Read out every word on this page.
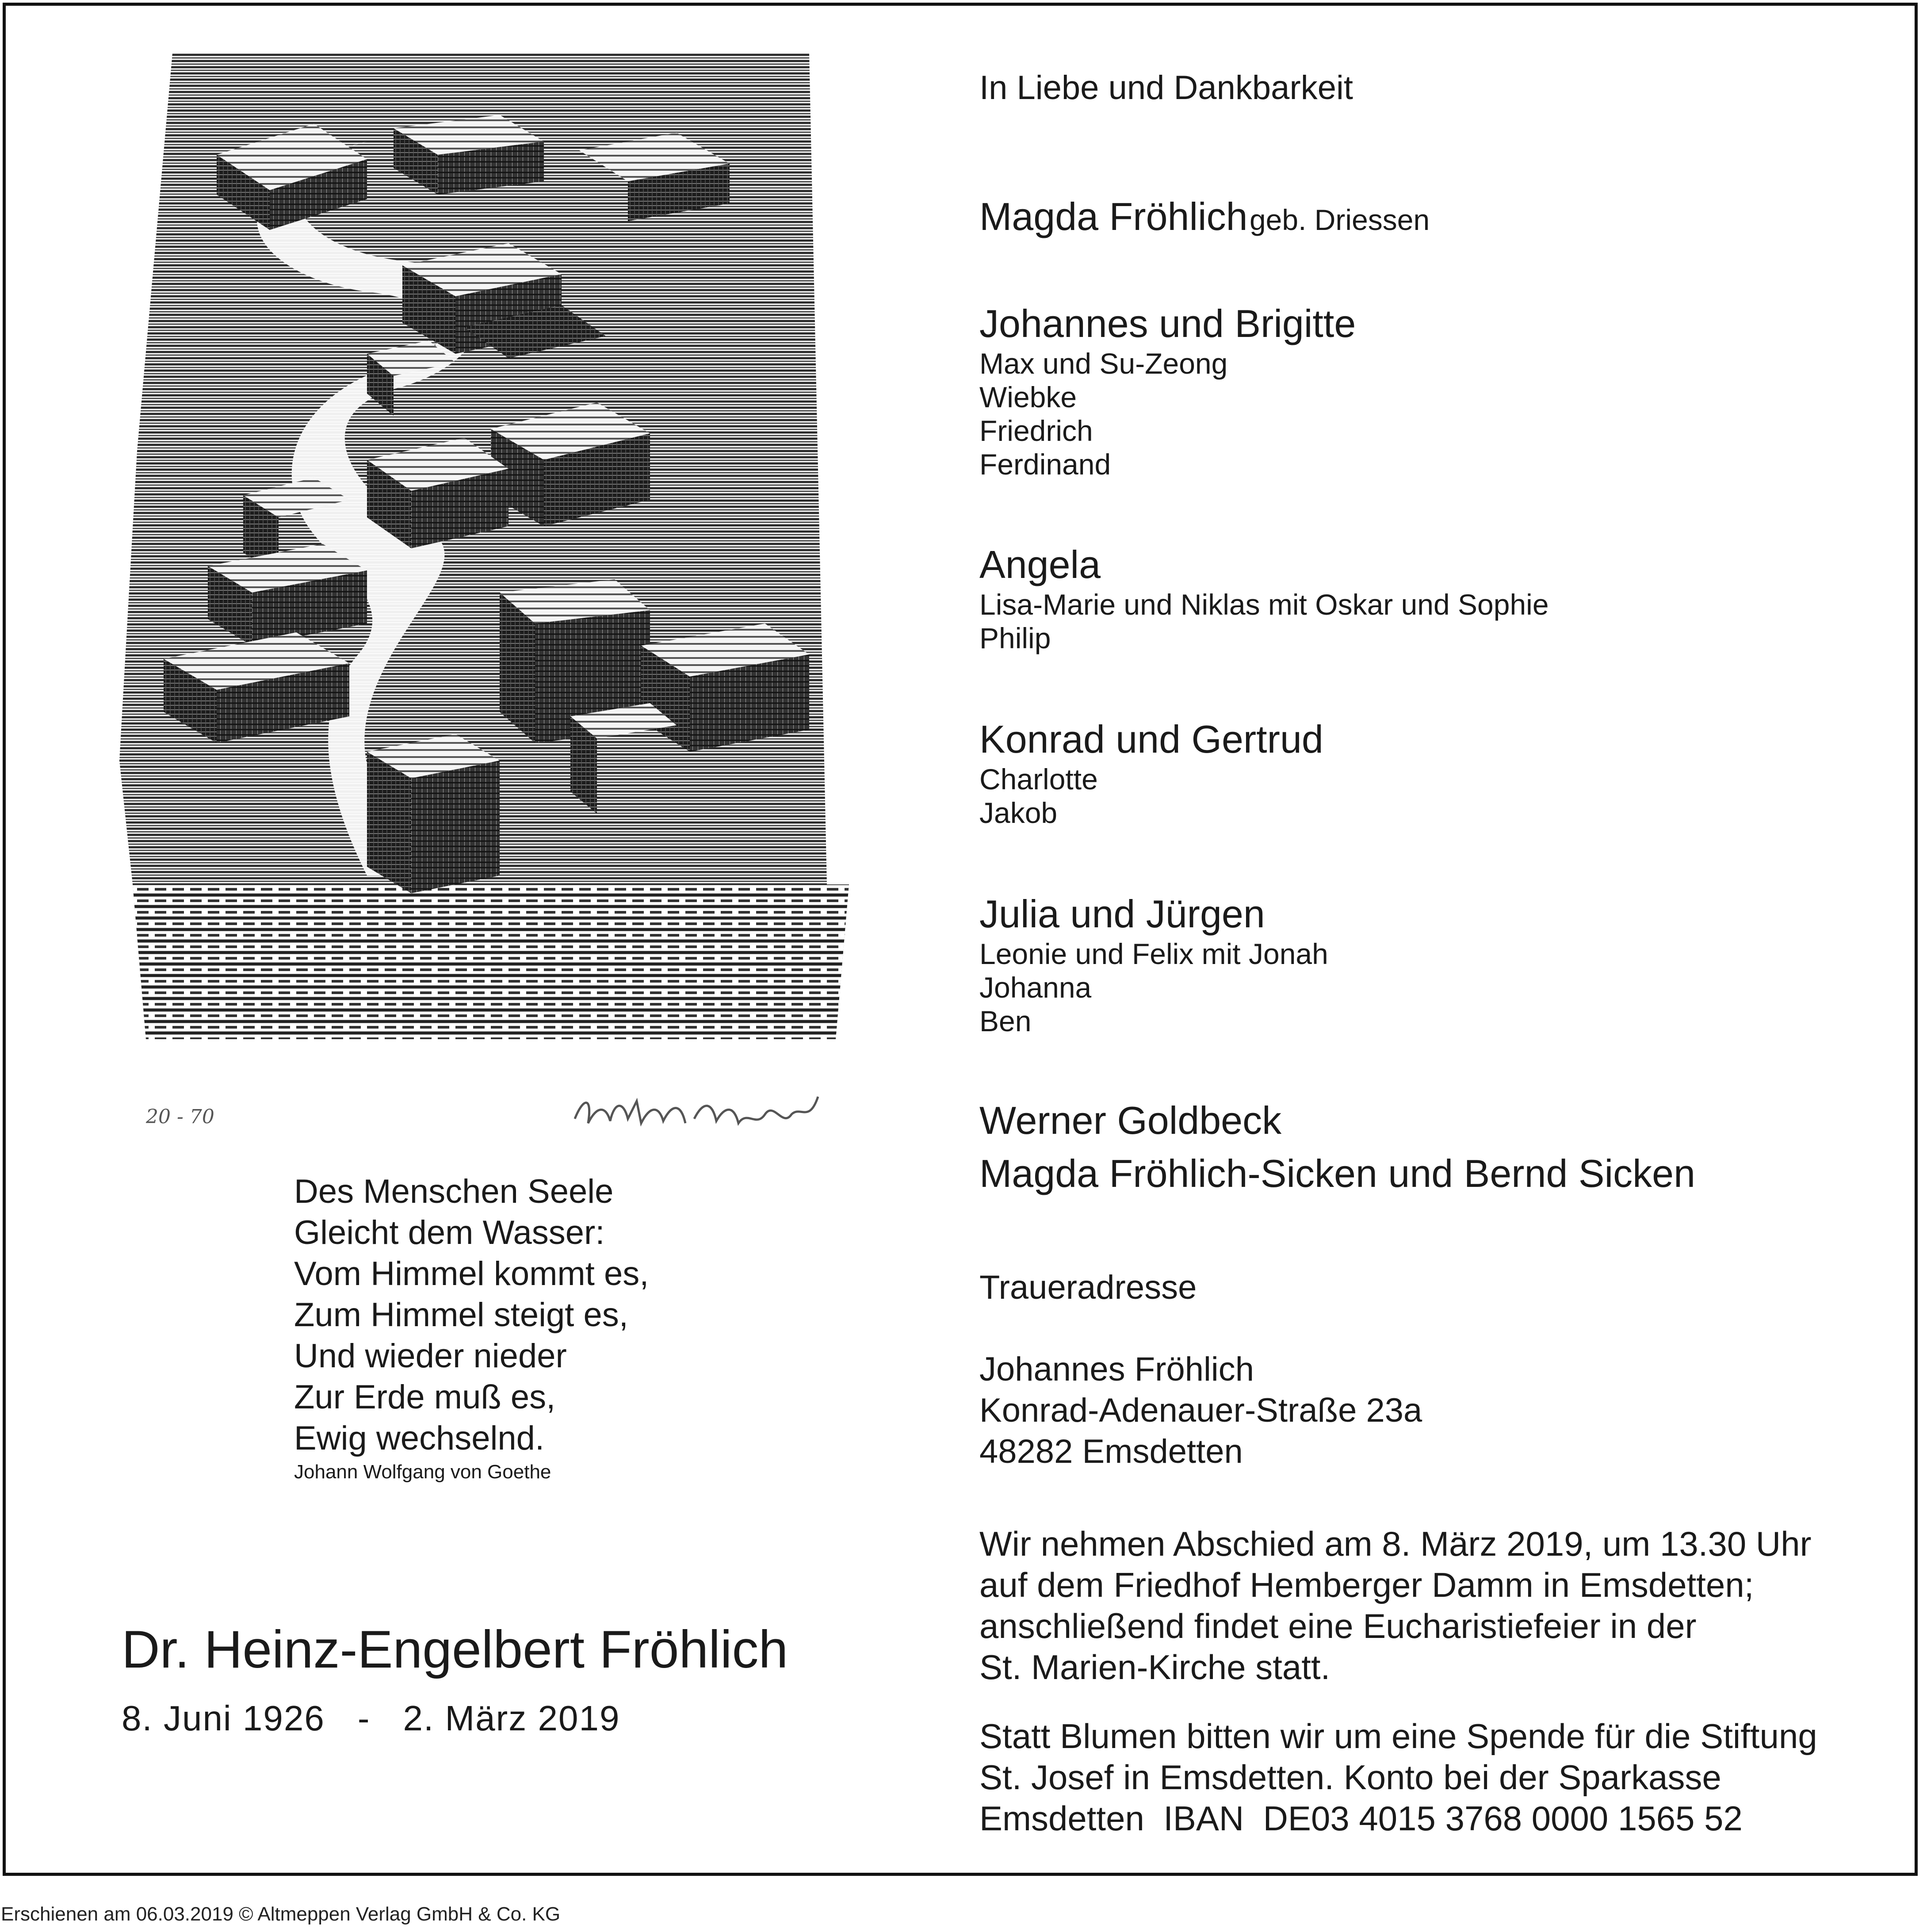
20 - 70
Des Menschen Seele
Gleicht dem Wasser:
Vom Himmel kommt es,
Zum Himmel steigt es,
Und wieder nieder
Zur Erde muß es,
Ewig wechselnd.
Johann Wolfgang von Goethe
Dr. Heinz-Engelbert Fröhlich
8. Juni 1926 - 2. März 2019
In Liebe und Dankbarkeit
Magda Fröhlich geb. Driessen
Johannes und Brigitte
Max und Su-Zeong
Wiebke
Friedrich
Ferdinand
Angela
Lisa-Marie und Niklas mit Oskar und Sophie
Philip
Konrad und Gertrud
Charlotte
Jakob
Julia und Jürgen
Leonie und Felix mit Jonah
Johanna
Ben
Werner Goldbeck
Magda Fröhlich-Sicken und Bernd Sicken
Traueradresse
Johannes Fröhlich
Konrad-Adenauer-Straße 23a
48282 Emsdetten
Wir nehmen Abschied am 8. März 2019, um 13.30 Uhr
auf dem Friedhof Hemberger Damm in Emsdetten;
anschließend findet eine Eucharistiefeier in der
St. Marien-Kirche statt.
Statt Blumen bitten wir um eine Spende für die Stiftung
St. Josef in Emsdetten. Konto bei der Sparkasse
Emsdetten  IBAN  DE03 4015 3768 0000 1565 52
Erschienen am 06.03.2019 © Altmeppen Verlag GmbH & Co. KG
